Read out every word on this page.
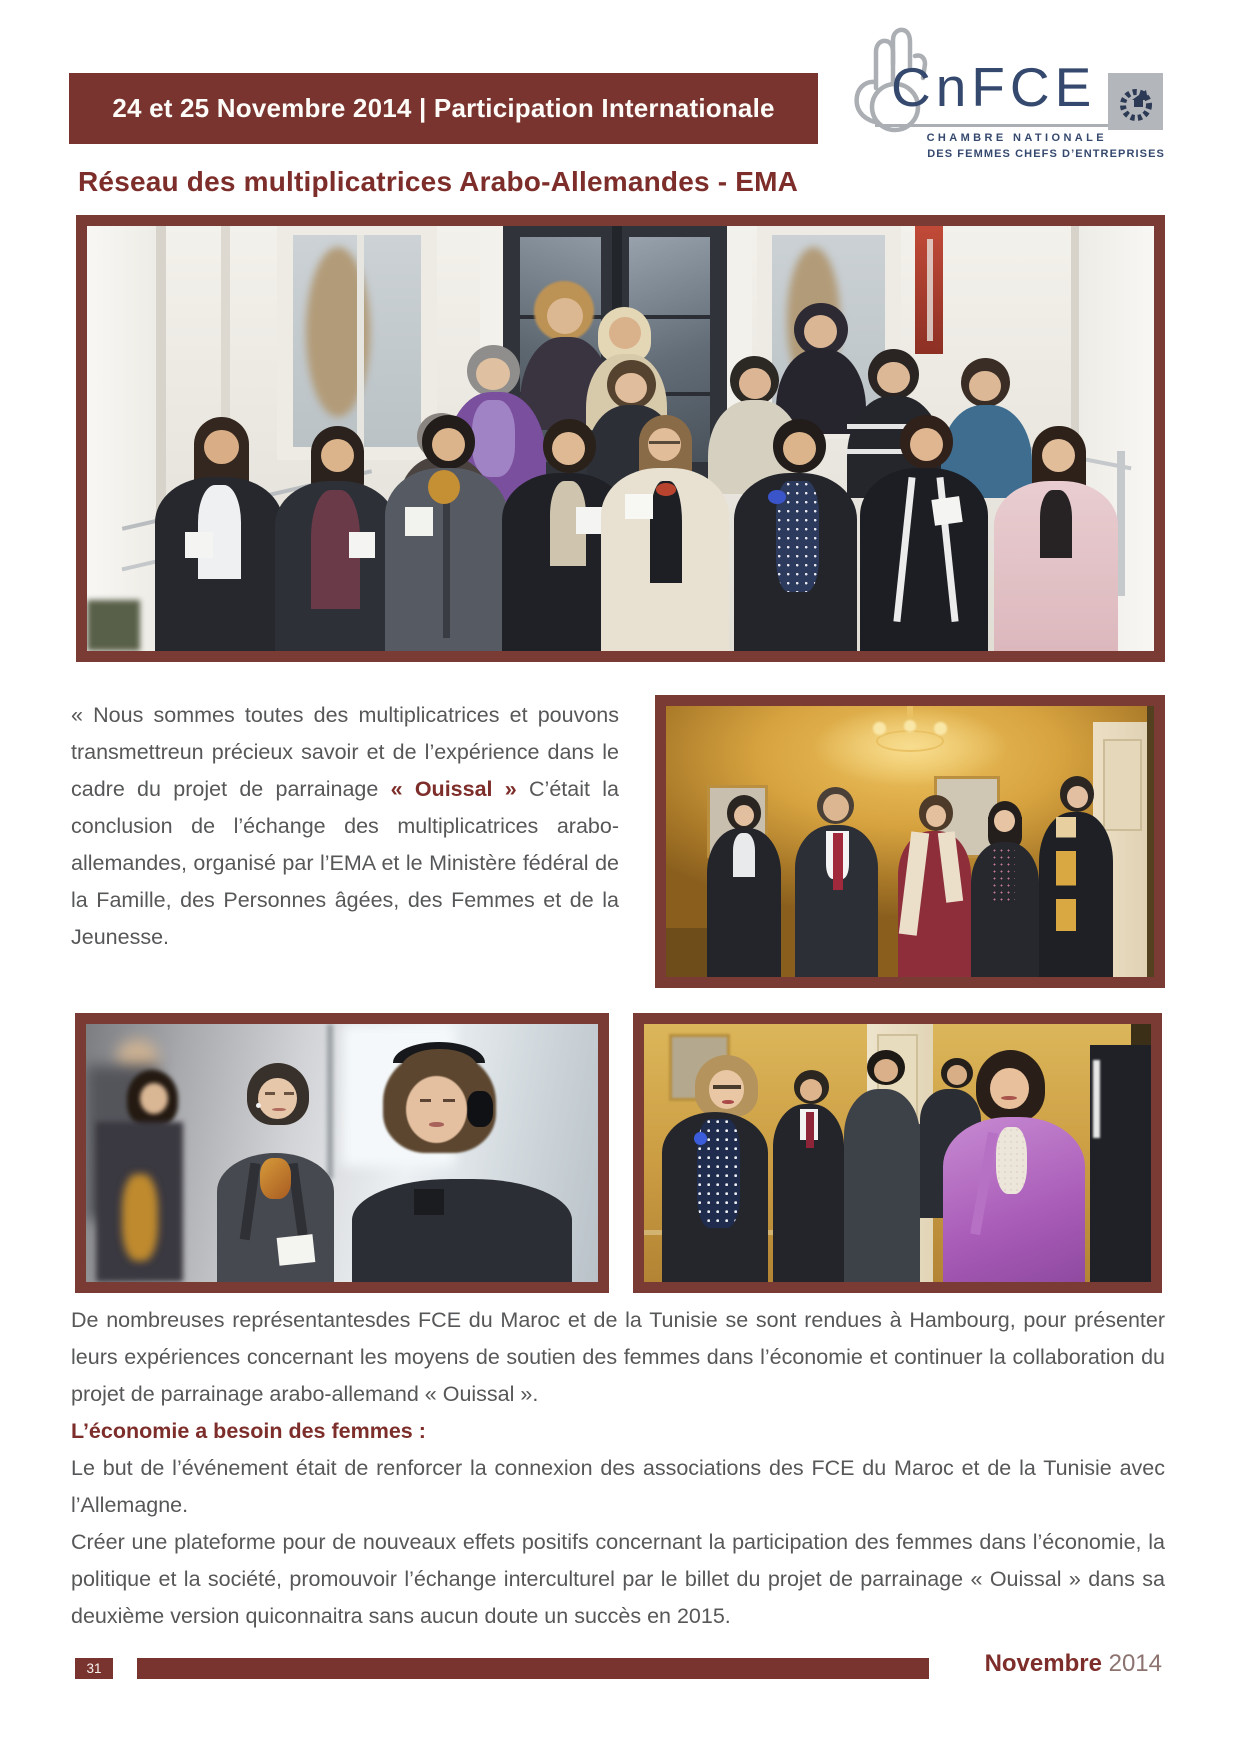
24 et 25 Novembre 2014 | Participation Internationale	CnFCE
CHAMBRE NATIONALE
DES FEMMES CHEFS D’ENTREPRISES
Réseau des multiplicatrices Arabo-Allemandes - EMA

« Nous sommes toutes des multiplicatrices et pouvons transmettreun précieux savoir et de l’expérience dans le cadre du projet de parrainage « Ouissal » C’était la conclusion de l’échange des multiplicatrices arabo-allemandes, organisé par l’EMA et le Ministère fédéral de la Famille, des Personnes âgées, des Femmes et de la Jeunesse.

De nombreuses représentantesdes FCE du Maroc et de la Tunisie se sont rendues à Hambourg, pour présenter leurs expériences concernant les moyens de soutien des femmes dans l’économie et continuer la collaboration du projet de parrainage arabo-allemand « Ouissal ».

L’économie a besoin des femmes :

Le but de l’événement était de renforcer la connexion des associations des FCE du Maroc et de la Tunisie avec l’Allemagne.

Créer une plateforme pour de nouveaux effets positifs concernant la participation des femmes dans l’économie, la politique et la société, promouvoir l’échange interculturel par le billet du projet de parrainage « Ouissal » dans sa deuxième version quiconnaitra sans aucun doute un succès en 2015.

31	Novembre 2014
